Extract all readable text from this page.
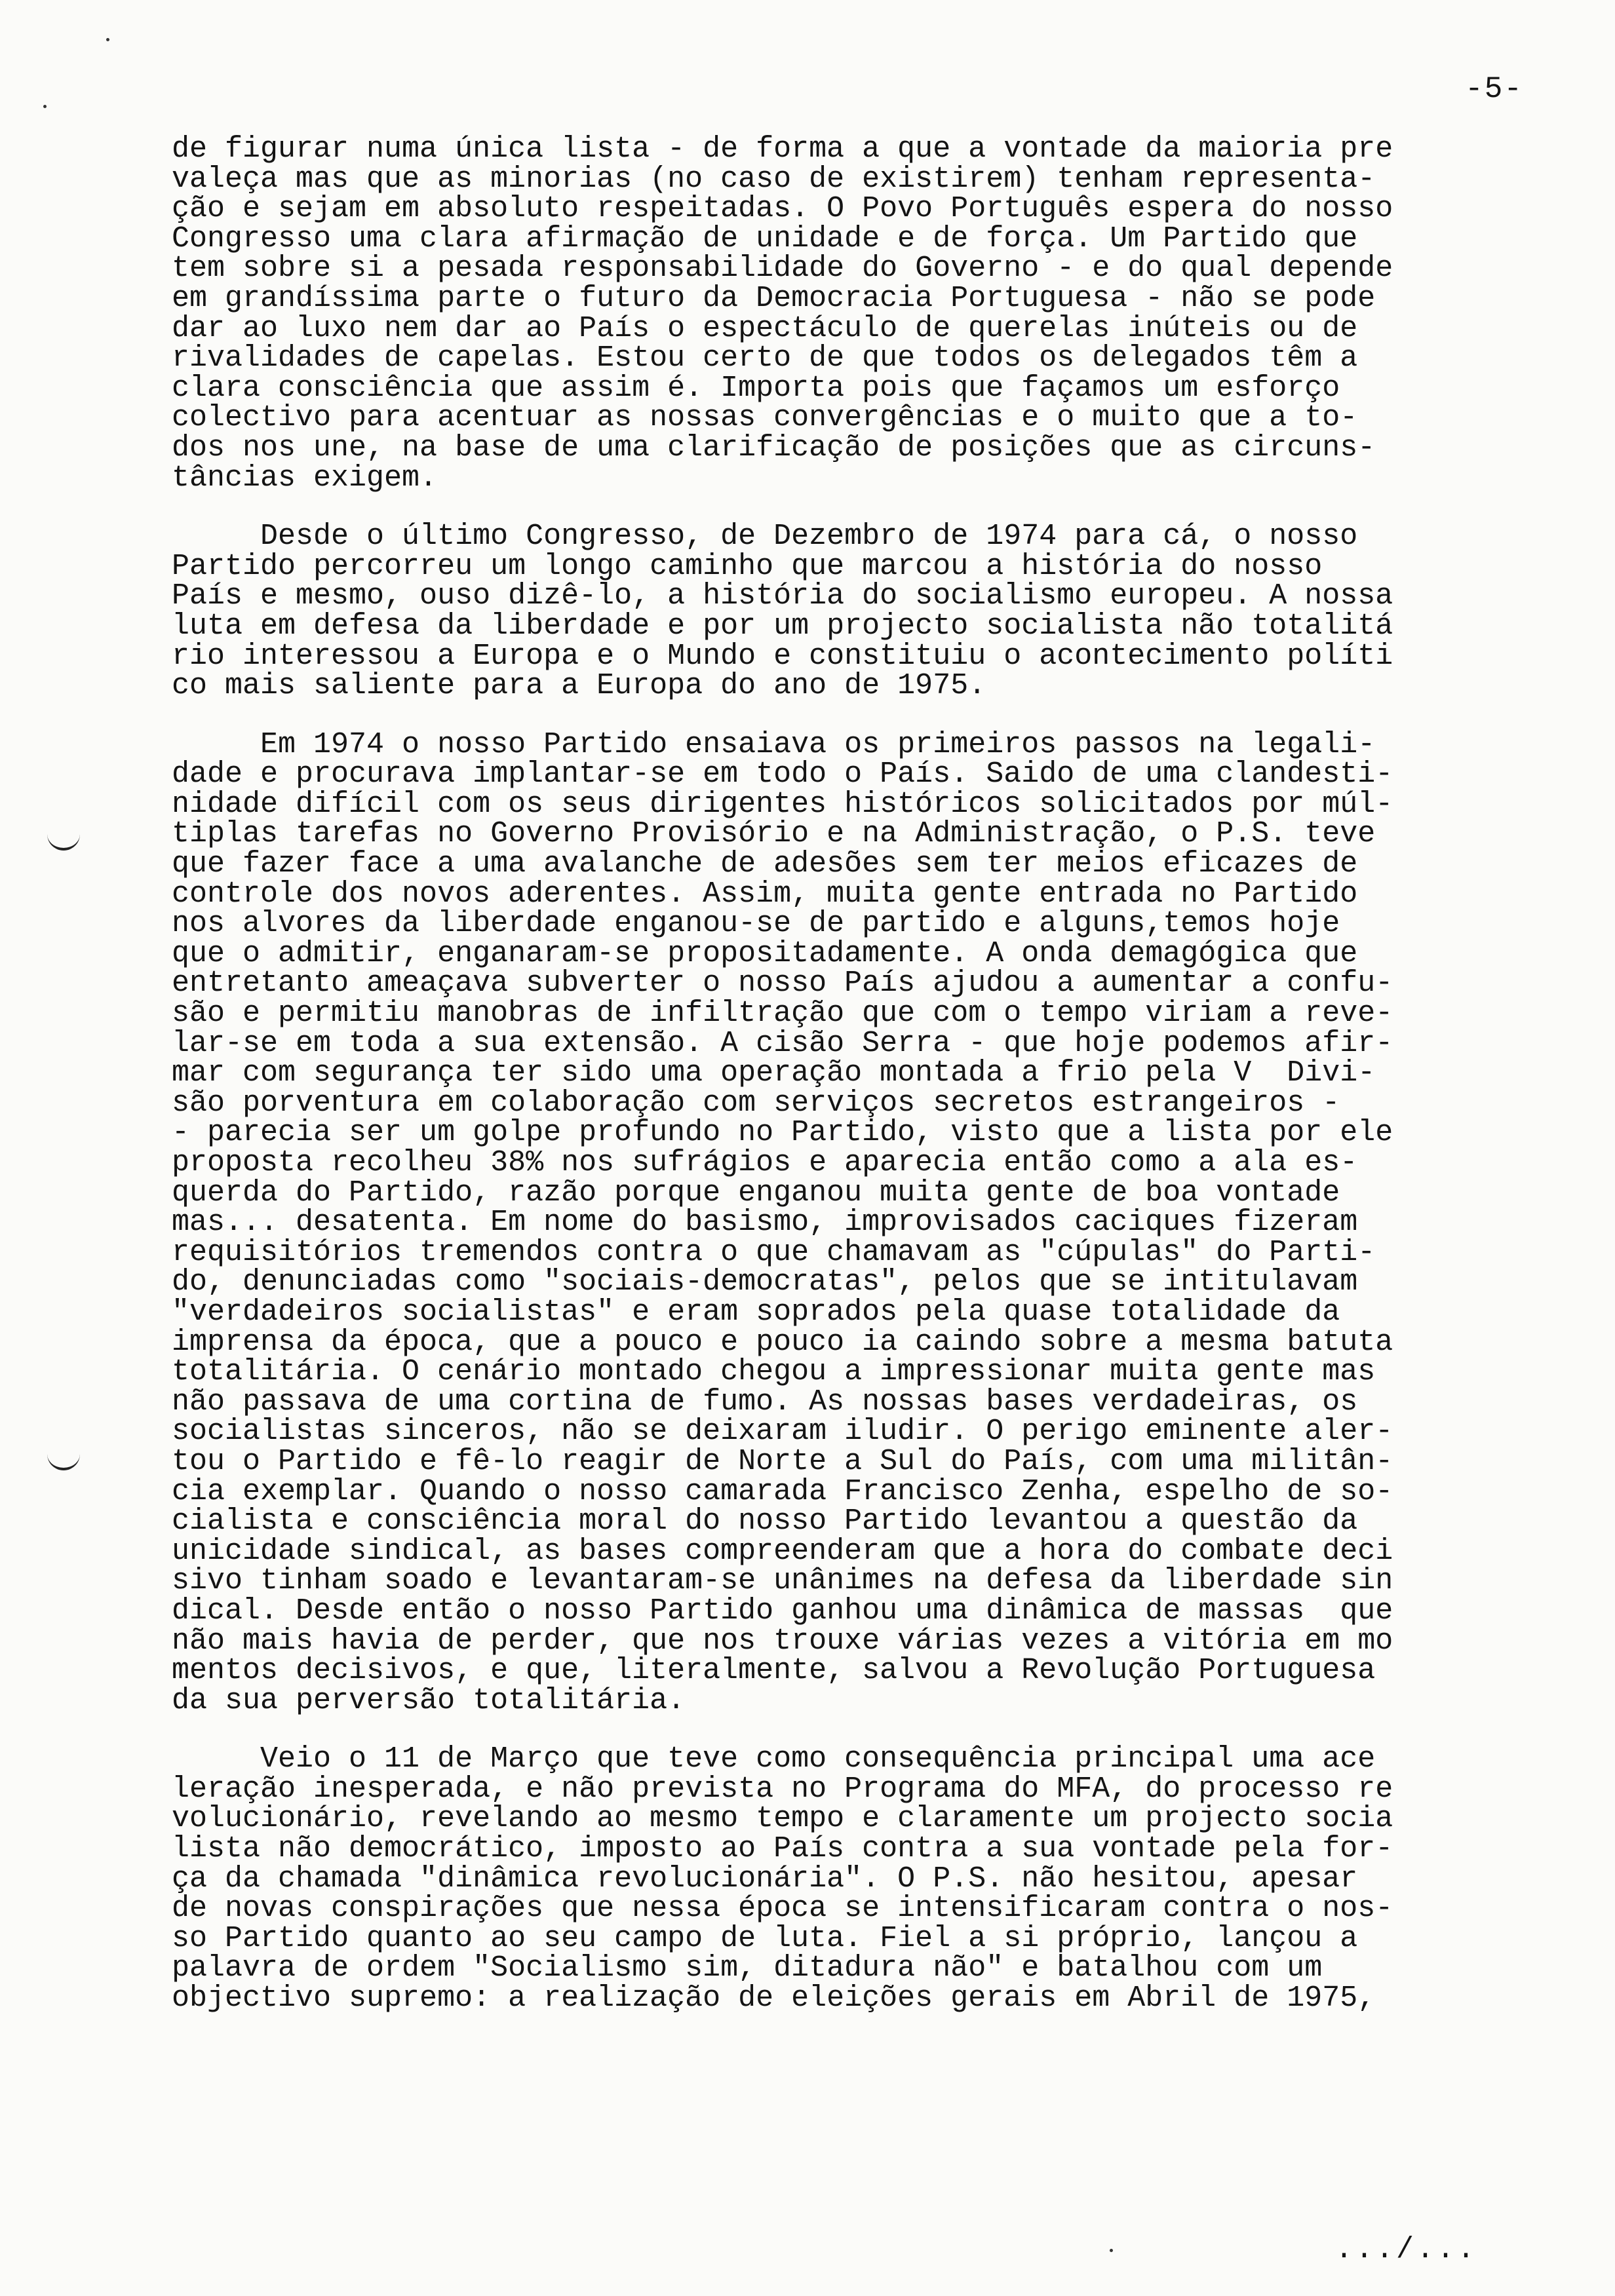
-5-

de figurar numa única lista - de forma a que a vontade da maioria pre
valeça mas que as minorias (no caso de existirem) tenham representa-
ção e sejam em absoluto respeitadas. O Povo Português espera do nosso
Congresso uma clara afirmação de unidade e de força. Um Partido que
tem sobre si a pesada responsabilidade do Governo - e do qual depende
em grandíssima parte o futuro da Democracia Portuguesa - não se pode
dar ao luxo nem dar ao País o espectáculo de querelas inúteis ou de
rivalidades de capelas. Estou certo de que todos os delegados têm a
clara consciência que assim é. Importa pois que façamos um esforço
colectivo para acentuar as nossas convergências e o muito que a to-
dos nos une, na base de uma clarificação de posições que as circuns-
tâncias exigem.

Desde o último Congresso, de Dezembro de 1974 para cá, o nosso
Partido percorreu um longo caminho que marcou a história do nosso
País e mesmo, ouso dizê-lo, a história do socialismo europeu. A nossa
luta em defesa da liberdade e por um projecto socialista não totalitá
rio interessou a Europa e o Mundo e constituiu o acontecimento políti
co mais saliente para a Europa do ano de 1975.

Em 1974 o nosso Partido ensaiava os primeiros passos na legali-
dade e procurava implantar-se em todo o País. Saido de uma clandesti-
nidade difícil com os seus dirigentes históricos solicitados por múl-
tiplas tarefas no Governo Provisório e na Administração, o P.S. teve
que fazer face a uma avalanche de adesões sem ter meios eficazes de
controle dos novos aderentes. Assim, muita gente entrada no Partido
nos alvores da liberdade enganou-se de partido e alguns,temos hoje
que o admitir, enganaram-se propositadamente. A onda demagógica que
entretanto ameaçava subverter o nosso País ajudou a aumentar a confu-
são e permitiu manobras de infiltração que com o tempo viriam a reve-
lar-se em toda a sua extensão. A cisão Serra - que hoje podemos afir-
mar com segurança ter sido uma operação montada a frio pela V  Divi-
são porventura em colaboração com serviços secretos estrangeiros -
- parecia ser um golpe profundo no Partido, visto que a lista por ele
proposta recolheu 38% nos sufrágios e aparecia então como a ala es-
querda do Partido, razão porque enganou muita gente de boa vontade
mas... desatenta. Em nome do basismo, improvisados caciques fizeram
requisitórios tremendos contra o que chamavam as "cúpulas" do Parti-
do, denunciadas como "sociais-democratas", pelos que se intitulavam
"verdadeiros socialistas" e eram soprados pela quase totalidade da
imprensa da época, que a pouco e pouco ia caindo sobre a mesma batuta
totalitária. O cenário montado chegou a impressionar muita gente mas
não passava de uma cortina de fumo. As nossas bases verdadeiras, os
socialistas sinceros, não se deixaram iludir. O perigo eminente aler-
tou o Partido e fê-lo reagir de Norte a Sul do País, com uma militân-
cia exemplar. Quando o nosso camarada Francisco Zenha, espelho de so-
cialista e consciência moral do nosso Partido levantou a questão da
unicidade sindical, as bases compreenderam que a hora do combate deci
sivo tinham soado e levantaram-se unânimes na defesa da liberdade sin
dical. Desde então o nosso Partido ganhou uma dinâmica de massas  que
não mais havia de perder, que nos trouxe várias vezes a vitória em mo
mentos decisivos, e que, literalmente, salvou a Revolução Portuguesa
da sua perversão totalitária.

Veio o 11 de Março que teve como consequência principal uma ace
leração inesperada, e não prevista no Programa do MFA, do processo re
volucionário, revelando ao mesmo tempo e claramente um projecto socia
lista não democrático, imposto ao País contra a sua vontade pela for-
ça da chamada "dinâmica revolucionária". O P.S. não hesitou, apesar
de novas conspirações que nessa época se intensificaram contra o nos-
so Partido quanto ao seu campo de luta. Fiel a si próprio, lançou a
palavra de ordem "Socialismo sim, ditadura não" e batalhou com um
objectivo supremo: a realização de eleições gerais em Abril de 1975,

.../...
